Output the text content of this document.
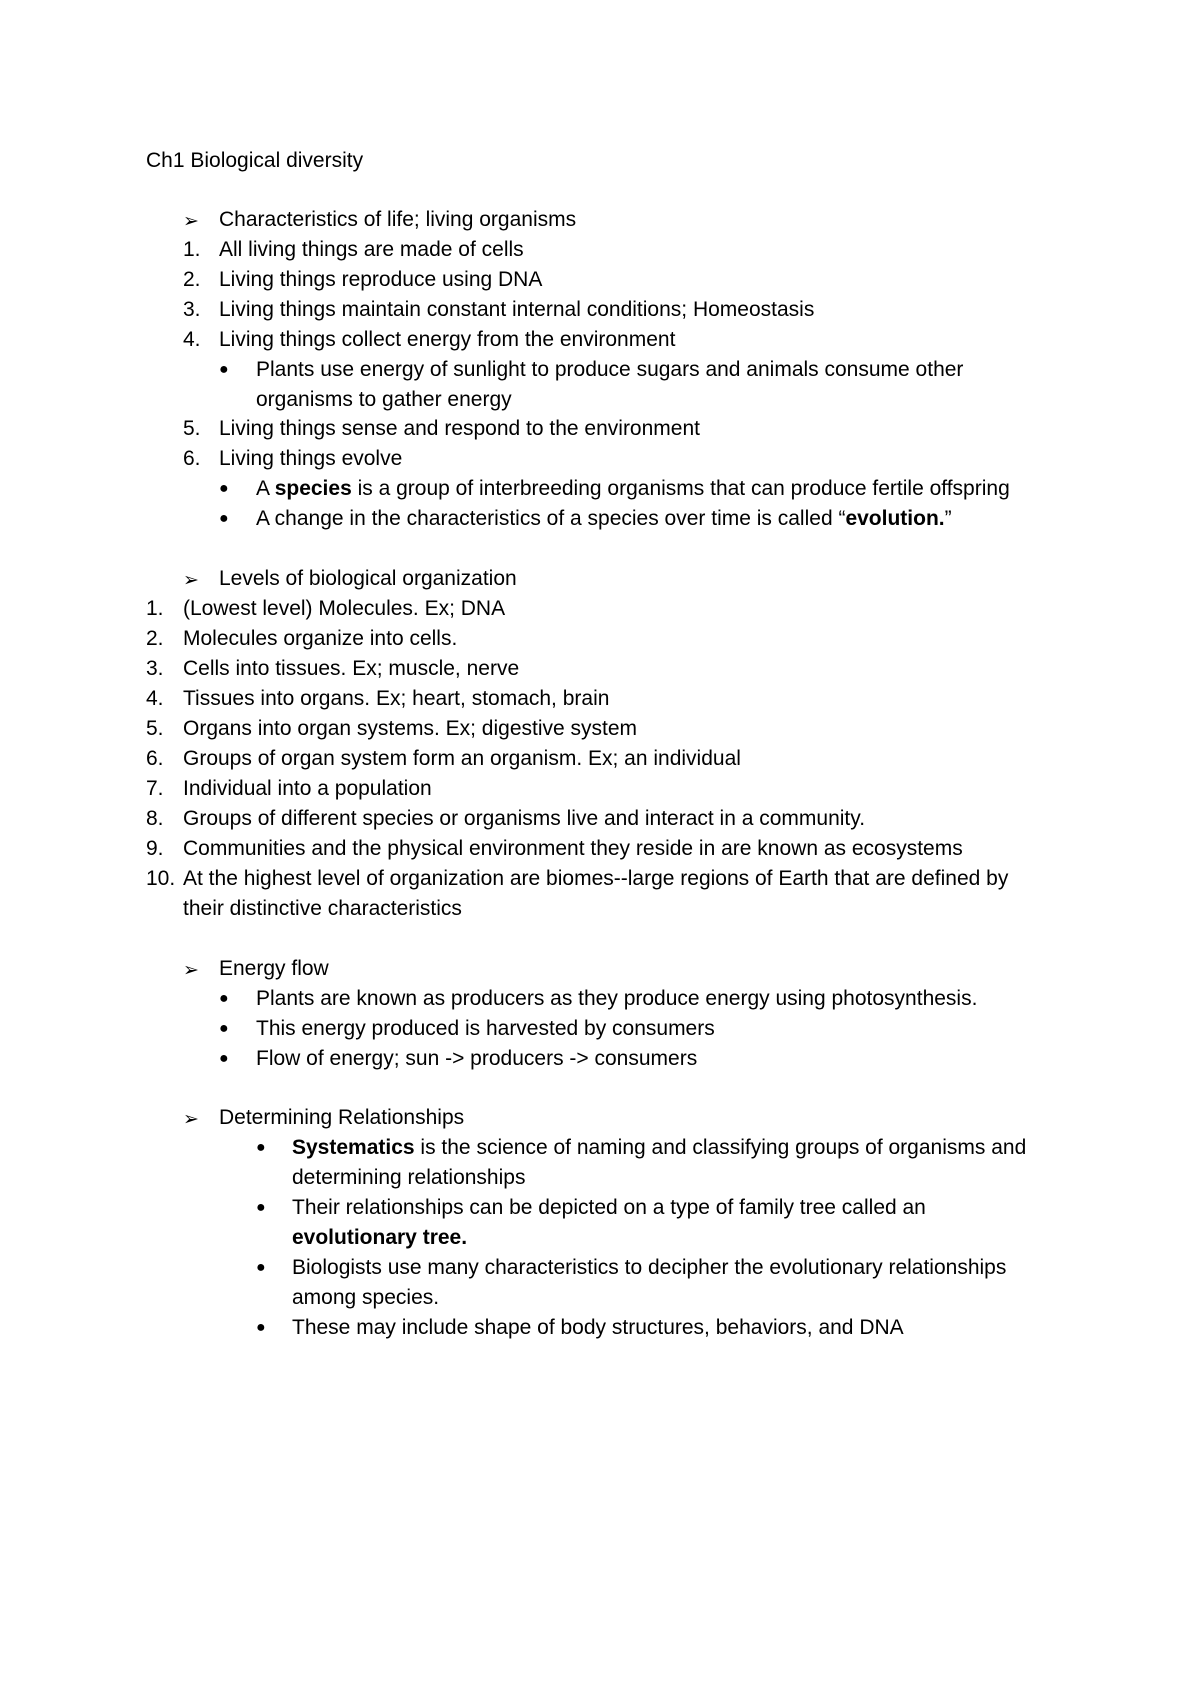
Ch1 Biological diversity
➢ Characteristics of life; living organisms
1. All living things are made of cells
2. Living things reproduce using DNA
3. Living things maintain constant internal conditions; Homeostasis
4. Living things collect energy from the environment
● Plants use energy of sunlight to produce sugars and animals consume other
organisms to gather energy
5. Living things sense and respond to the environment
6. Living things evolve
● A species is a group of interbreeding organisms that can produce fertile offspring
● A change in the characteristics of a species over time is called “evolution.”
➢ Levels of biological organization
1. (Lowest level) Molecules. Ex; DNA
2. Molecules organize into cells.
3. Cells into tissues. Ex; muscle, nerve
4. Tissues into organs. Ex; heart, stomach, brain
5. Organs into organ systems. Ex; digestive system
6. Groups of organ system form an organism. Ex; an individual
7. Individual into a population
8. Groups of different species or organisms live and interact in a community.
9. Communities and the physical environment they reside in are known as ecosystems
10. At the highest level of organization are biomes--large regions of Earth that are defined by
their distinctive characteristics
➢ Energy flow
● Plants are known as producers as they produce energy using photosynthesis.
● This energy produced is harvested by consumers
● Flow of energy; sun -> producers -> consumers
➢ Determining Relationships
● Systematics is the science of naming and classifying groups of organisms and
determining relationships
● Their relationships can be depicted on a type of family tree called an
evolutionary tree.
● Biologists use many characteristics to decipher the evolutionary relationships
among species.
● These may include shape of body structures, behaviors, and DNA
